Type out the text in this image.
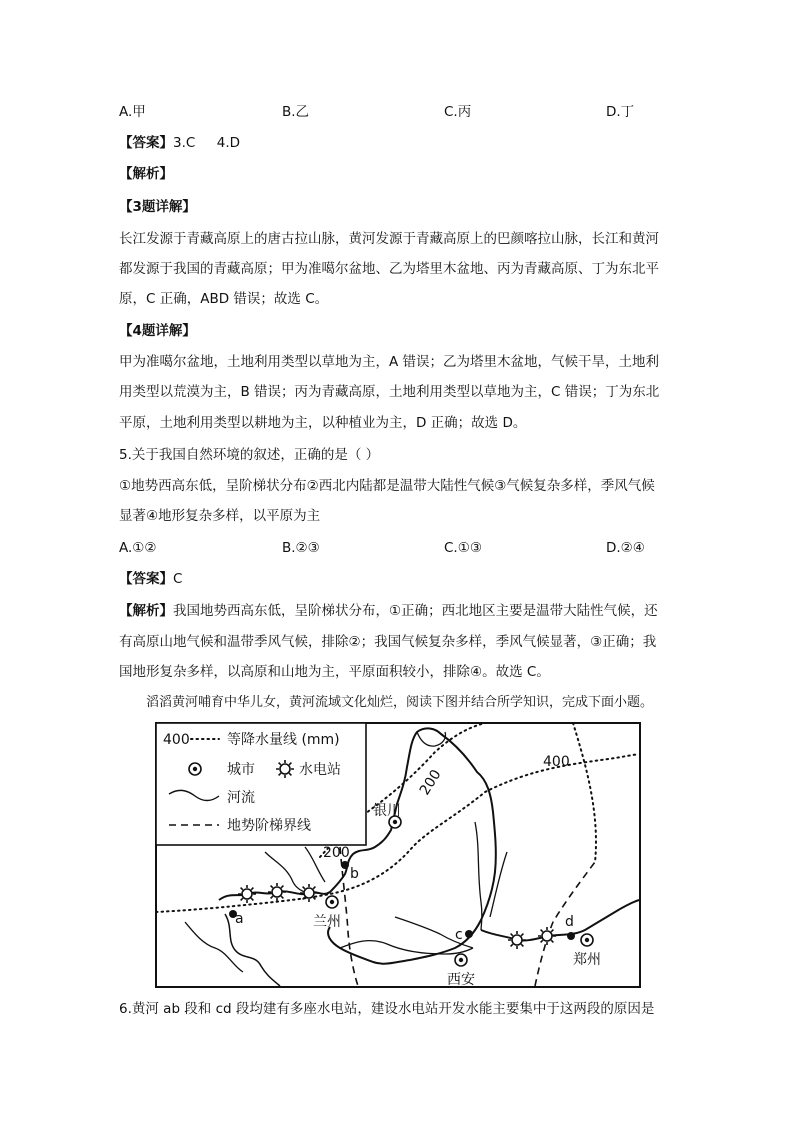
A.甲	B.乙	C.丙	D.丁
【答案】3.C     4.D
【解析】
【3题详解】
长江发源于青藏高原上的唐古拉山脉，黄河发源于青藏高原上的巴颜喀拉山脉，长江和黄河
都发源于我国的青藏高原；甲为准噶尔盆地、乙为塔里木盆地、丙为青藏高原、丁为东北平
原，C 正确，ABD 错误；故选 C。
【4题详解】
甲为准噶尔盆地，土地利用类型以草地为主，A 错误；乙为塔里木盆地，气候干旱，土地利
用类型以荒漠为主，B 错误；丙为青藏高原，土地利用类型以草地为主，C 错误；丁为东北
平原，土地利用类型以耕地为主，以种植业为主，D 正确；故选 D。
5.关于我国自然环境的叙述，正确的是（ ）
①地势西高东低，呈阶梯状分布②西北内陆都是温带大陆性气候③气候复杂多样，季风气候
显著④地形复杂多样，以平原为主
A.①②	B.②③	C.①③	D.②④
【答案】C
【解析】我国地势西高东低，呈阶梯状分布，①正确；西北地区主要是温带大陆性气候，还
有高原山地气候和温带季风气候，排除②；我国气候复杂多样，季风气候显著，③正确；我
国地形复杂多样，以高原和山地为主，平原面积较小，排除④。故选 C。
滔滔黄河哺育中华儿女，黄河流域文化灿烂，阅读下图并结合所学知识，完成下面小题。
a
b
c
d
银川
兰州
西安
郑州
200
200
400
400	等降水量线 (mm)
城市	水电站
河流
地势阶梯界线
6.黄河 ab 段和 cd 段均建有多座水电站，建设水电站开发水能主要集中于这两段的原因是
